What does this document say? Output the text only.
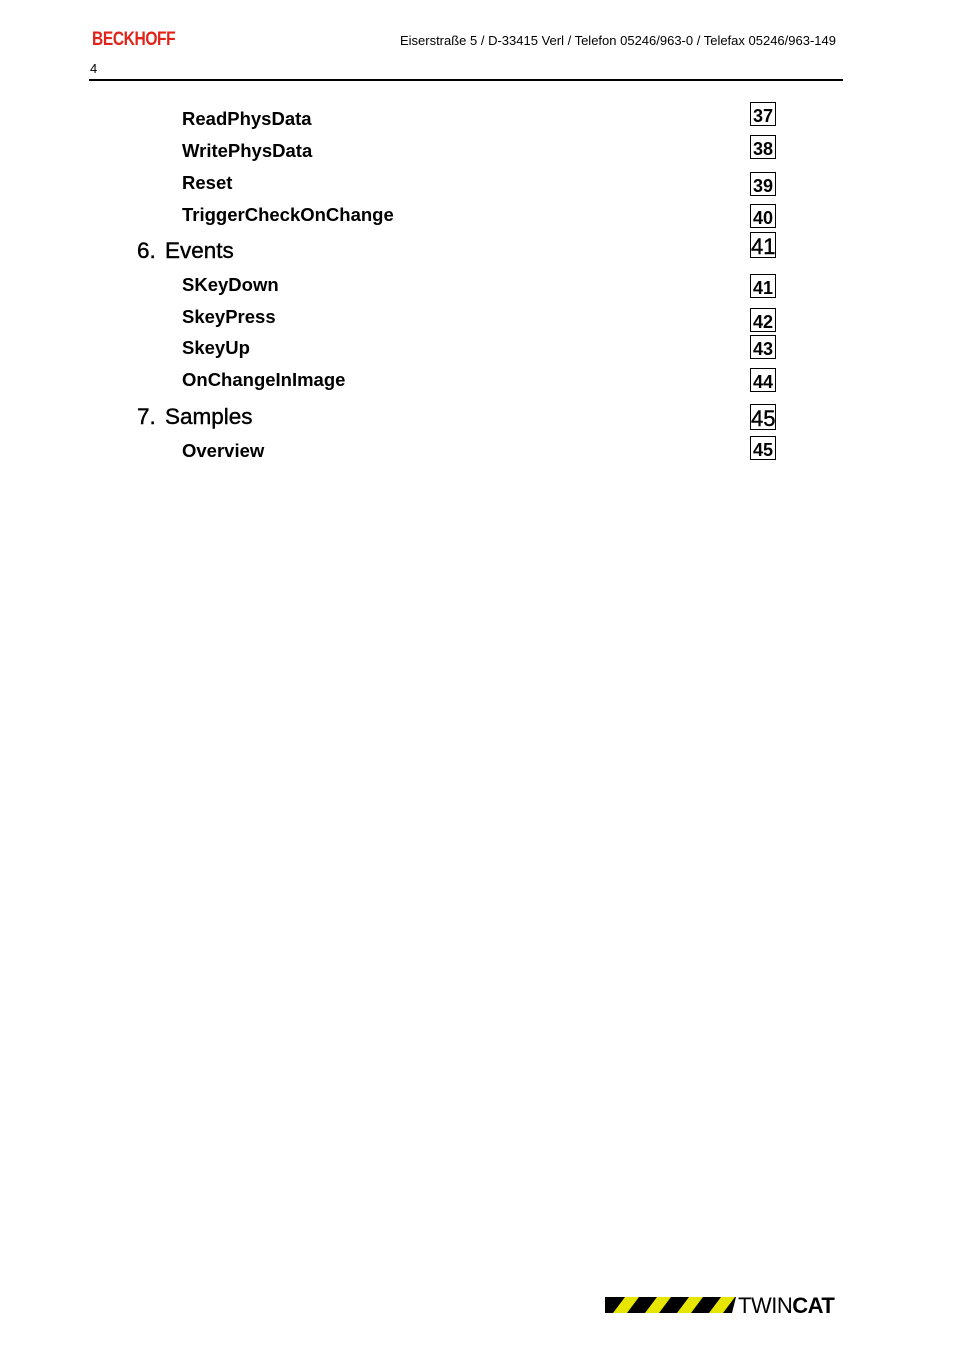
BECKHOFF	Eiserstraße 5 / D-33415 Verl / Telefon 05246/963-0 / Telefax 05246/963-149
4
ReadPhysData	37
WritePhysData	38
Reset	39
TriggerCheckOnChange	40
6. Events	41
SKeyDown	41
SkeyPress	42
SkeyUp	43
OnChangeInImage	44
7. Samples	45
Overview	45
TWINCAT
